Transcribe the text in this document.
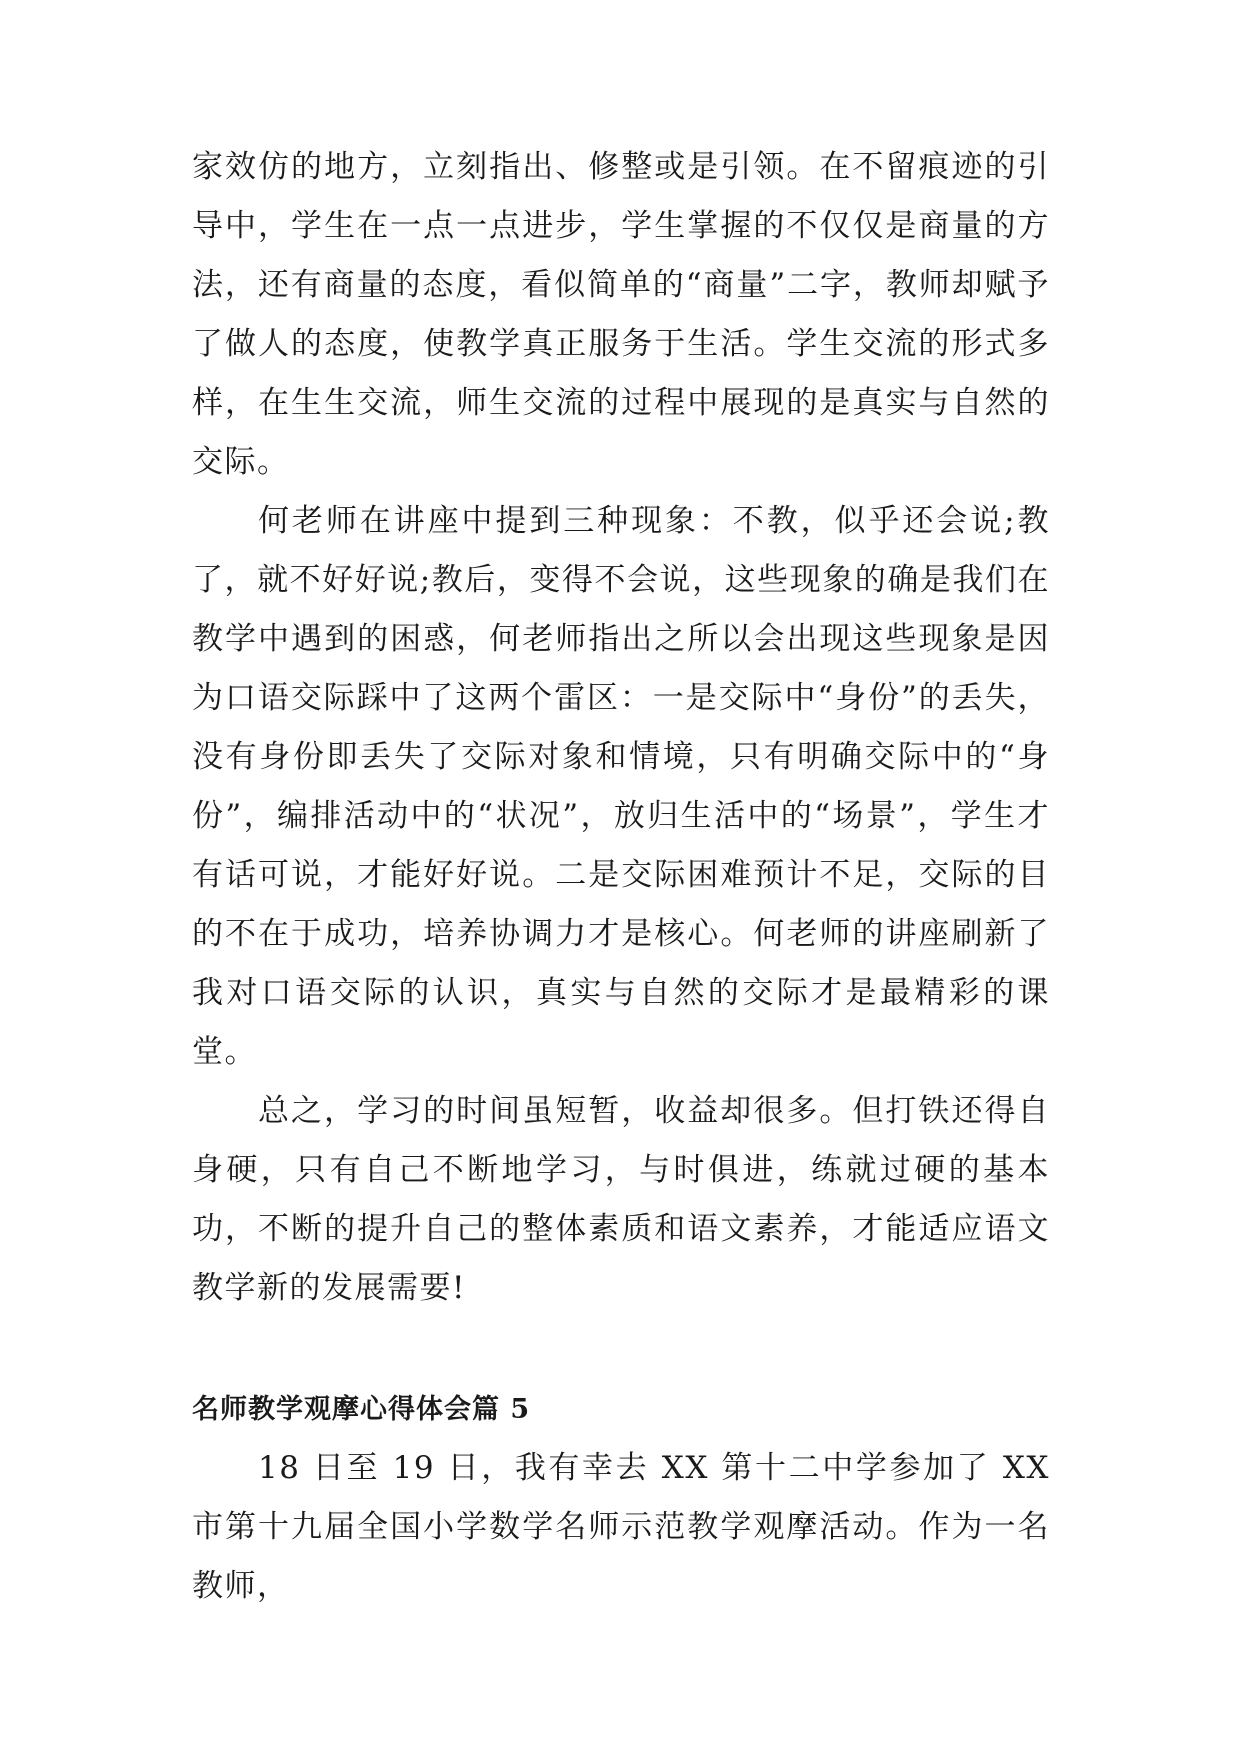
家效仿的地方，立刻指出、修整或是引领。在不留痕迹的引导中，学生在一点一点进步，学生掌握的不仅仅是商量的方法，还有商量的态度，看似简单的“商量”二字，教师却赋予了做人的态度，使教学真正服务于生活。学生交流的形式多样，在生生交流，师生交流的过程中展现的是真实与自然的交际。

何老师在讲座中提到三种现象：不教，似乎还会说;教了，就不好好说;教后，变得不会说，这些现象的确是我们在教学中遇到的困惑，何老师指出之所以会出现这些现象是因为口语交际踩中了这两个雷区：一是交际中“身份”的丢失，没有身份即丢失了交际对象和情境，只有明确交际中的“身份”，编排活动中的“状况”，放归生活中的“场景”，学生才有话可说，才能好好说。二是交际困难预计不足，交际的目的不在于成功，培养协调力才是核心。何老师的讲座刷新了我对口语交际的认识，真实与自然的交际才是最精彩的课堂。

总之，学习的时间虽短暂，收益却很多。但打铁还得自身硬，只有自己不断地学习，与时俱进，练就过硬的基本功，不断的提升自己的整体素质和语文素养，才能适应语文教学新的发展需要!

名师教学观摩心得体会篇 5

18 日至 19 日，我有幸去 XX 第十二中学参加了 XX 市第十九届全国小学数学名师示范教学观摩活动。作为一名教师，
